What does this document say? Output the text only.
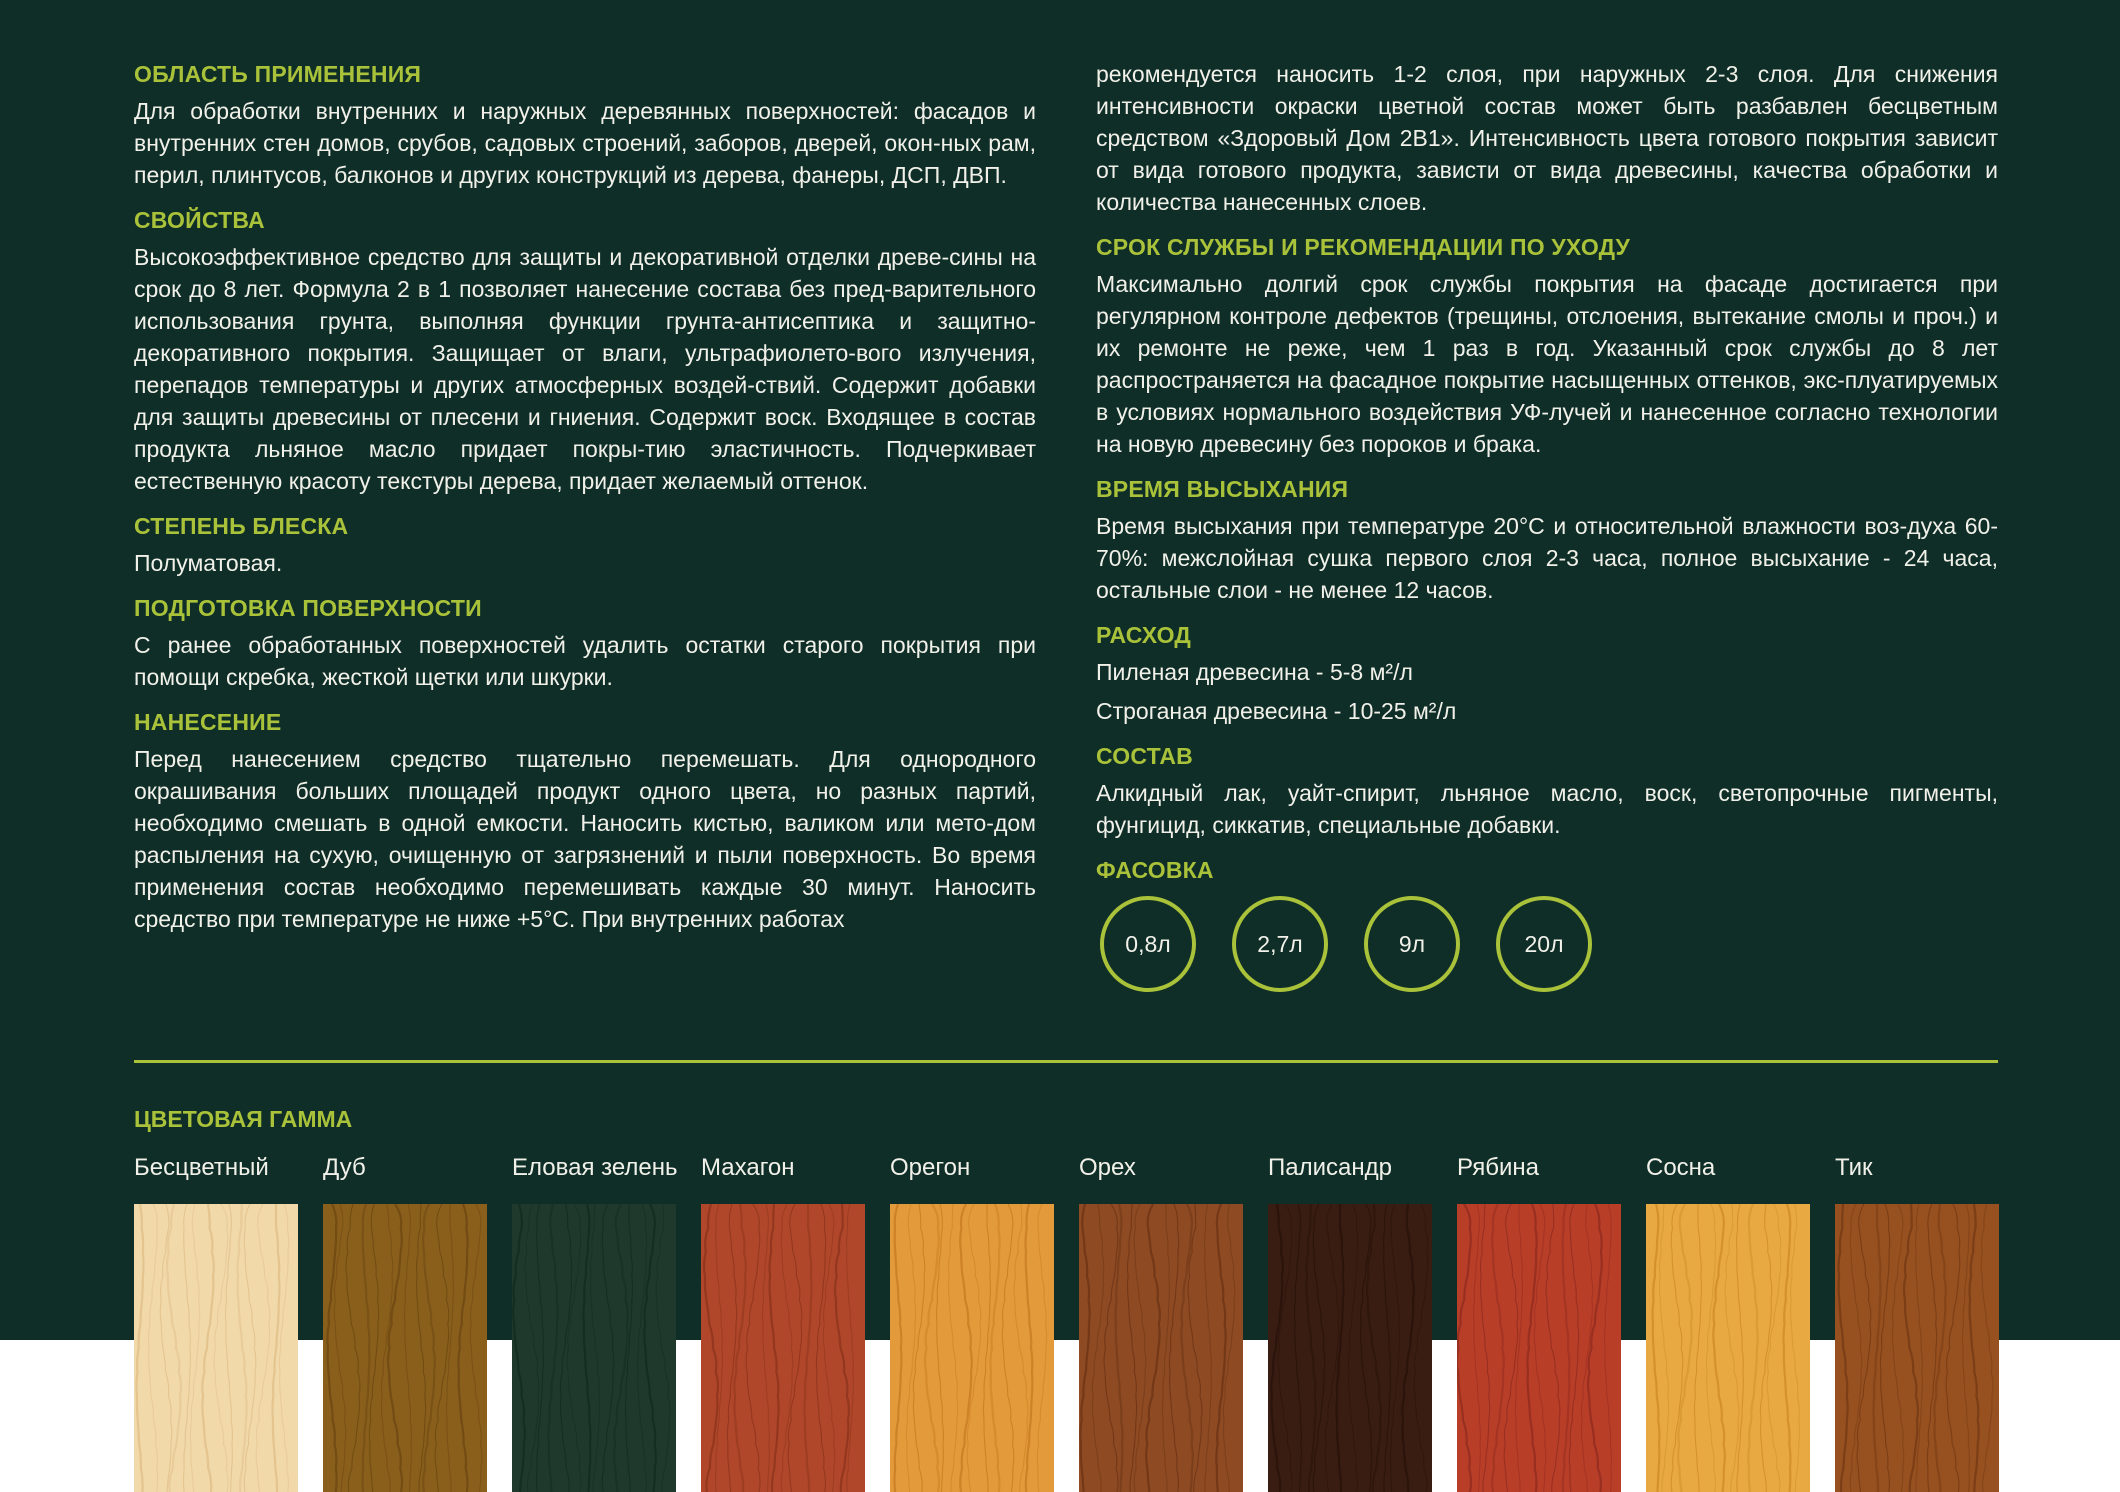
ОБЛАСТЬ ПРИМЕНЕНИЯ
Для обработки внутренних и наружных деревянных поверхностей: фасадов и внутренних стен домов, срубов, садовых строений, заборов, дверей, окон-ных рам, перил, плинтусов, балконов и других конструкций из дерева, фанеры, ДСП, ДВП.
СВОЙСТВА
Высокоэффективное средство для защиты и декоративной отделки древе-сины на срок до 8 лет. Формула 2 в 1 позволяет нанесение состава без пред-варительного использования грунта, выполняя функции грунта-антисептика и защитно-декоративного покрытия. Защищает от влаги, ультрафиолето-вого излучения, перепадов температуры и других атмосферных воздей-ствий. Содержит добавки для защиты древесины от плесени и гниения. Содержит воск. Входящее в состав продукта льняное масло придает покры-тию эластичность. Подчеркивает естественную красоту текстуры дерева, придает желаемый оттенок.
СТЕПЕНЬ БЛЕСКА
Полуматовая.
ПОДГОТОВКА ПОВЕРХНОСТИ
С ранее обработанных поверхностей удалить остатки старого покрытия при помощи скребка, жесткой щетки или шкурки.
НАНЕСЕНИЕ
Перед нанесением средство тщательно перемешать. Для однородного окрашивания больших площадей продукт одного цвета, но разных партий, необходимо смешать в одной емкости. Наносить кистью, валиком или мето-дом распыления на сухую, очищенную от загрязнений и пыли поверхность. Во время применения состав необходимо перемешивать каждые 30 минут. Наносить средство при температуре не ниже +5°С. При внутренних работах
рекомендуется наносить 1-2 слоя, при наружных 2-3 слоя. Для снижения интенсивности окраски цветной состав может быть разбавлен бесцветным средством «Здоровый Дом 2В1». Интенсивность цвета готового покрытия зависит от вида готового продукта, зависти от вида древесины, качества обработки и количества нанесенных слоев.
СРОК СЛУЖБЫ И РЕКОМЕНДАЦИИ ПО УХОДУ
Максимально долгий срок службы покрытия на фасаде достигается при регулярном контроле дефектов (трещины, отслоения, вытекание смолы и проч.) и их ремонте не реже, чем 1 раз в год. Указанный срок службы до 8 лет распространяется на фасадное покрытие насыщенных оттенков, экс-плуатируемых в условиях нормального воздействия УФ-лучей и нанесенное согласно технологии на новую древесину без пороков и брака.
ВРЕМЯ ВЫСЫХАНИЯ
Время высыхания при температуре 20°С и относительной влажности воз-духа 60-70%: межслойная сушка первого слоя 2-3 часа, полное высыхание - 24 часа, остальные слои - не менее 12 часов.
РАСХОД

Пиленая древесина - 5-8 м²/л

Строганая древесина - 10-25 м²/л

СОСТАВ
Алкидный лак, уайт-спирит, льняное масло, воск, светопрочные пигменты, фунгицид, сиккатив, специальные добавки.
ФАСОВКА
0,8л	2,7л	9л	20л
ЦВЕТОВАЯ ГАММА
Бесцветный	Дуб	Еловая зелень Махагон	Орегон	Орех	Палисандр	Рябина	Сосна	Тик
